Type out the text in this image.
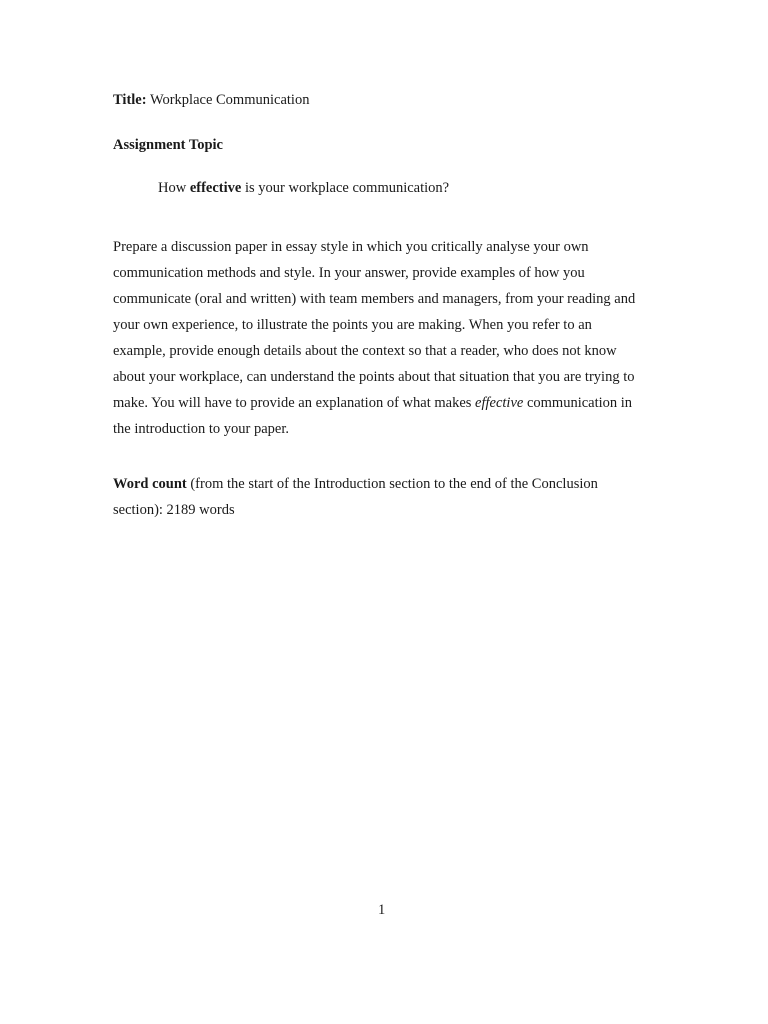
Title: Workplace Communication
Assignment Topic
How effective is your workplace communication?
Prepare a discussion paper in essay style in which you critically analyse your own
communication methods and style. In your answer, provide examples of how you
communicate (oral and written) with team members and managers, from your reading and
your own experience, to illustrate the points you are making. When you refer to an
example, provide enough details about the context so that a reader, who does not know
about your workplace, can understand the points about that situation that you are trying to
make. You will have to provide an explanation of what makes effective communication in
the introduction to your paper.
Word count (from the start of the Introduction section to the end of the Conclusion
section): 2189 words
1
